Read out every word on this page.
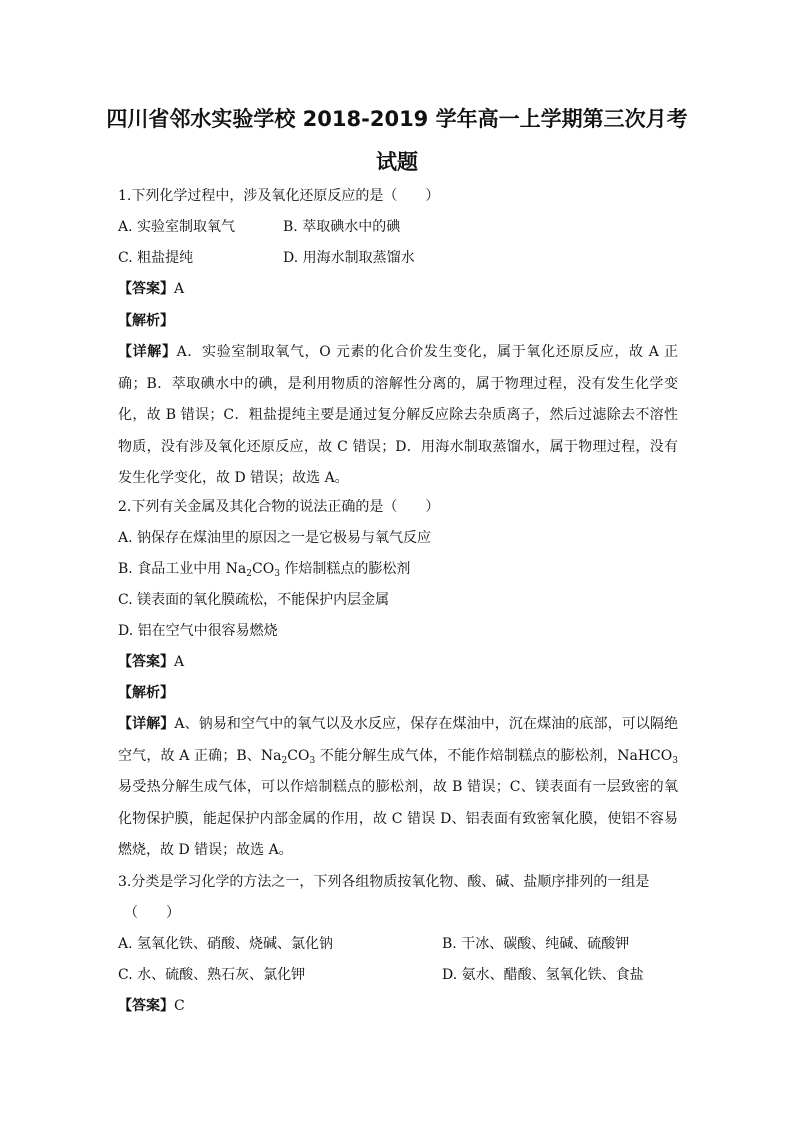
四川省邻水实验学校 2018-2019 学年高一上学期第三次月考
试题
1.下列化学过程中，涉及氧化还原反应的是（　　）
A. 实验室制取氧气	B. 萃取碘水中的碘
C. 粗盐提纯	D. 用海水制取蒸馏水
【答案】A
【解析】
【详解】A．实验室制取氧气，O 元素的化合价发生变化，属于氧化还原反应，故 A 正确；B．萃取碘水中的碘，是利用物质的溶解性分离的，属于物理过程，没有发生化学变化，故 B 错误；C．粗盐提纯主要是通过复分解反应除去杂质离子，然后过滤除去不溶性物质，没有涉及氧化还原反应，故 C 错误；D．用海水制取蒸馏水，属于物理过程，没有发生化学变化，故 D 错误；故选 A。
2.下列有关金属及其化合物的说法正确的是（　　）
A. 钠保存在煤油里的原因之一是它极易与氧气反应
B. 食品工业中用 $Na_2CO_3$ 作焙制糕点的膨松剂
C. 镁表面的氧化膜疏松，不能保护内层金属
D. 铝在空气中很容易燃烧
【答案】A
【解析】
【详解】A、钠易和空气中的氧气以及水反应，保存在煤油中，沉在煤油的底部，可以隔绝空气，故 A 正确；B、$Na_2CO_3$ 不能分解生成气体，不能作焙制糕点的膨松剂，NaHCO$_3$ 易受热分解生成气体，可以作焙制糕点的膨松剂，故 B 错误；C、镁表面有一层致密的氧化物保护膜，能起保护内部金属的作用，故 C 错误 D、铝表面有致密氧化膜，使铝不容易燃烧，故 D 错误；故选 A。
3.分类是学习化学的方法之一，下列各组物质按氧化物、酸、碱、盐顺序排列的一组是
（　　）
A. 氢氧化铁、硝酸、烧碱、氯化钠	B. 干冰、碳酸、纯碱、硫酸钾
C. 水、硫酸、熟石灰、氯化钾	D. 氨水、醋酸、氢氧化铁、食盐
【答案】C
